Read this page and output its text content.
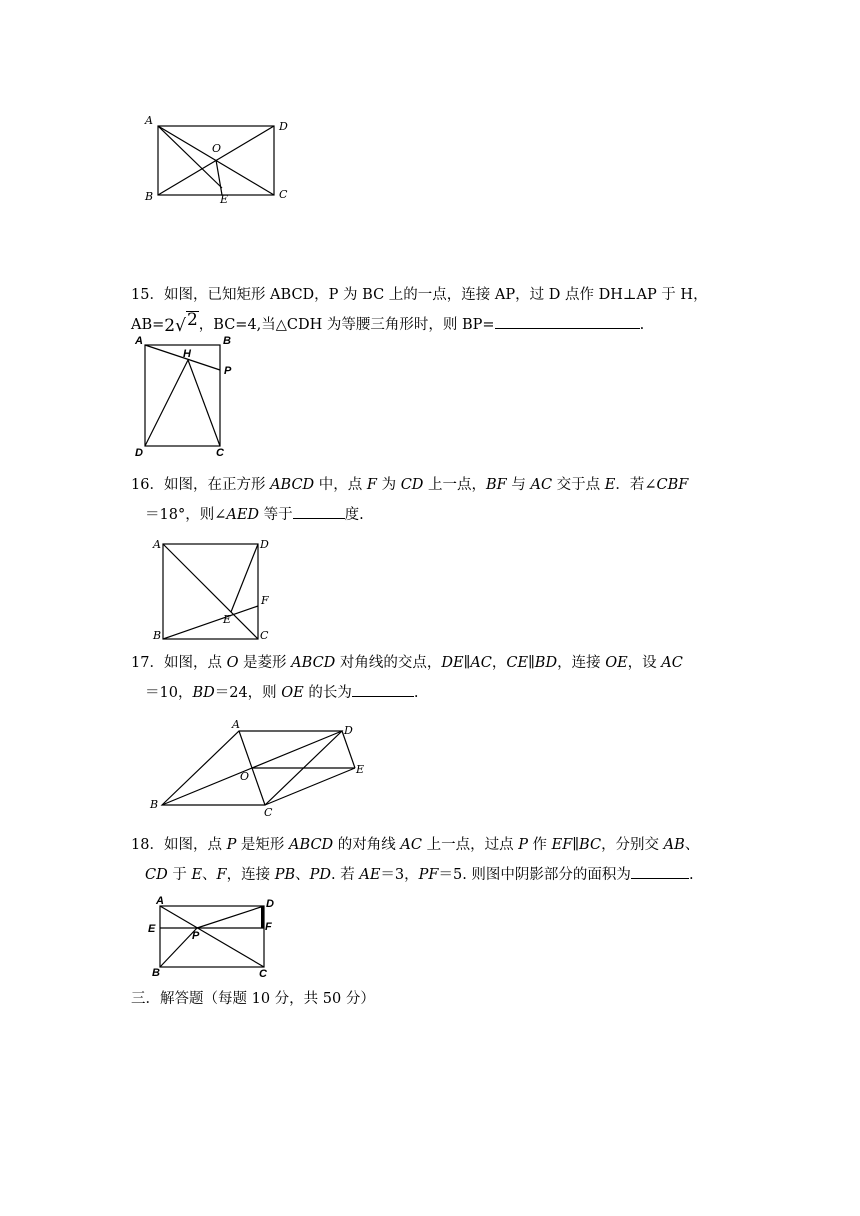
A	D
O
B	E	C
15．如图，已知矩形 ABCD，P 为 BC 上的一点，连接 AP，过 D 点作 DH⊥AP 于 H，
AB= 2 √ 2 ，BC=4,当△CDH 为等腰三角形时，则 BP=	.
A	B
H
P
D	C
16．如图，在正方形 ABCD 中，点 F 为 CD 上一点，BF 与 AC 交于点 E．若∠CBF
＝18°，则∠AED 等于	度.
A	D
F
E
B	C
17．如图，点 O 是菱形 ABCD 对角线的交点，DE∥AC，CE∥BD，连接 OE，设 AC
＝10，BD＝24，则 OE 的长为	.
A	D
O
E
B
C
18．如图，点 P 是矩形 ABCD 的对角线 AC 上一点，过点 P 作 EF∥BC，分别交 AB、
CD 于 E、F，连接 PB、PD. 若 AE＝3，PF＝5. 则图中阴影部分的面积为	.
A	D
E	F
P
B	C
三．解答题（每题 10 分，共 50 分）
